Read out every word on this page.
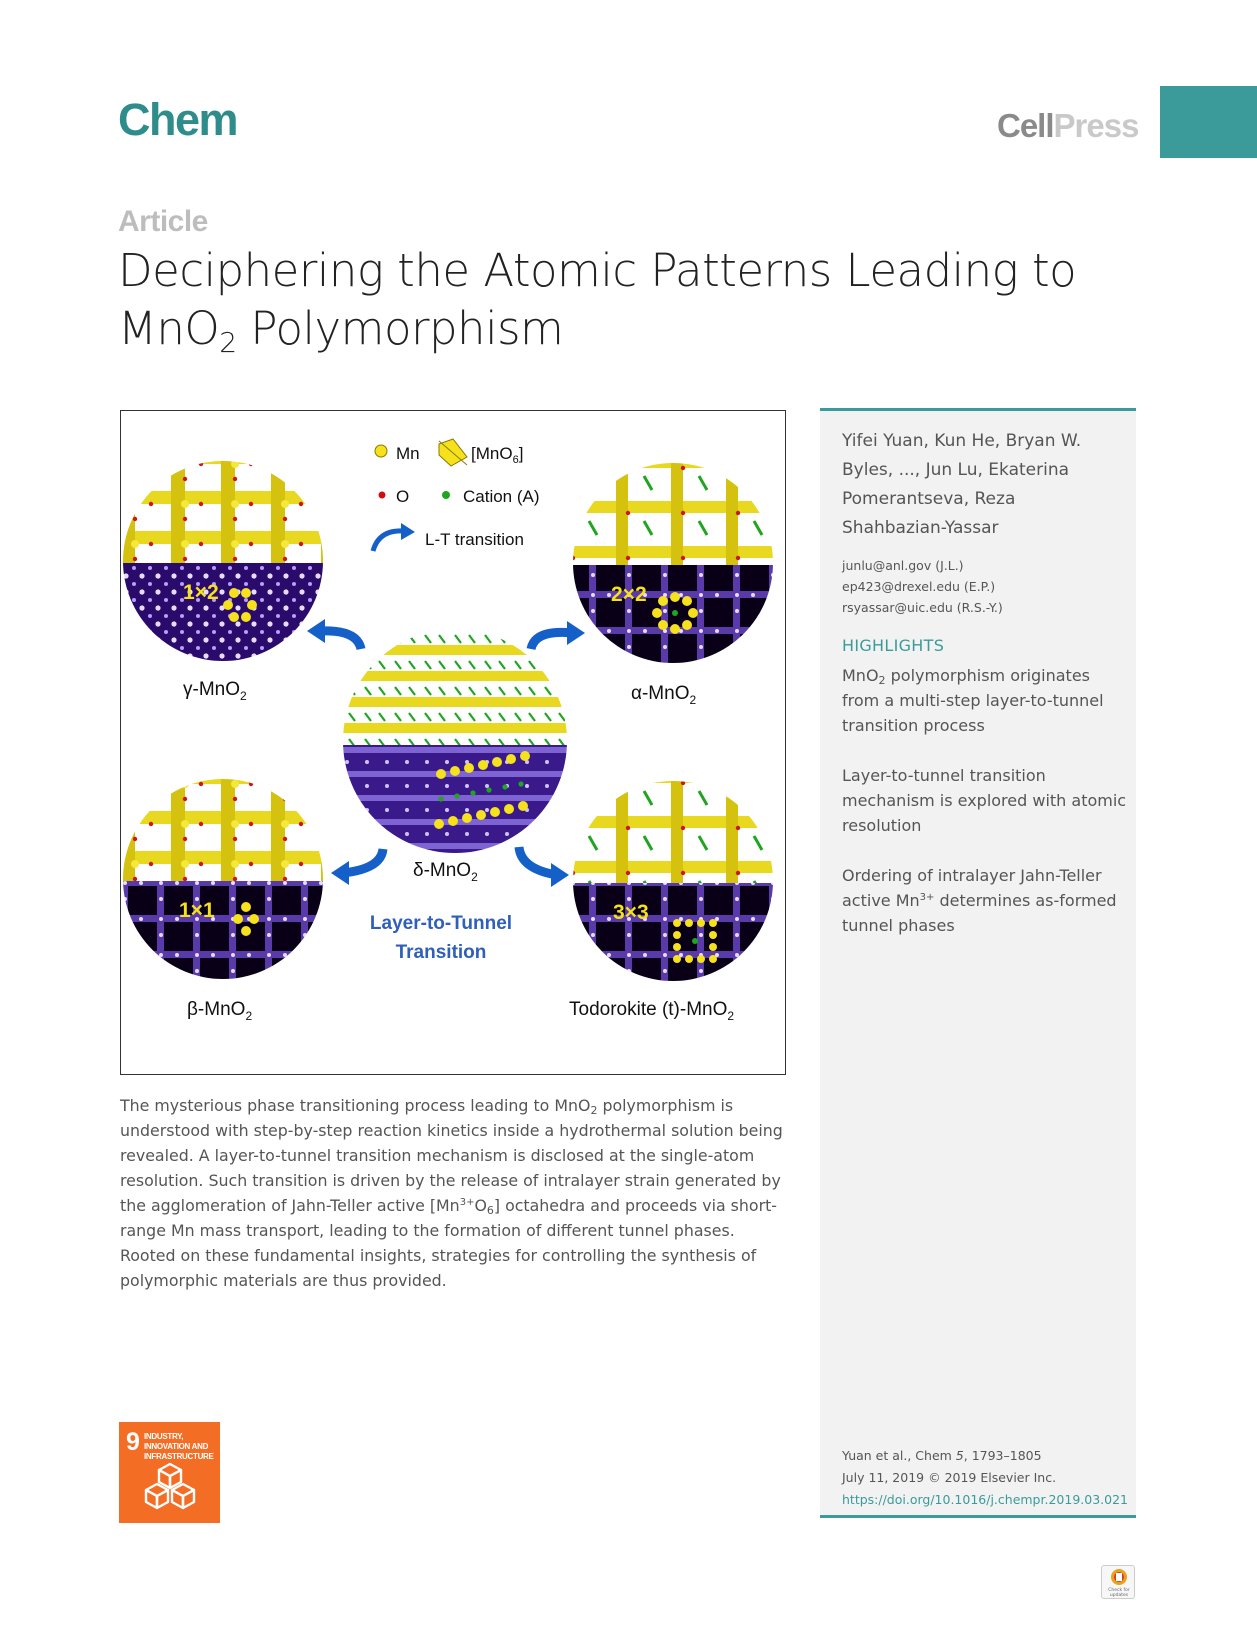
Chem	CellPress
Article
Deciphering the Atomic Patterns Leading to
MnO$_2$ Polymorphism
Mn	[MnO$_6$]
O	Cation (A)
L-T transition
1×2
γ-MnO$_2$
2×2
α-MnO$_2$
δ-MnO$_2$
1×1
β-MnO$_2$
3×3
Todorokite (t)-MnO$_2$
Layer-to-Tunnel
Transition
The mysterious phase transitioning process leading to MnO$_2$ polymorphism is understood with step-by-step reaction kinetics inside a hydrothermal solution being revealed. A layer-to-tunnel transition mechanism is disclosed at the single-atom resolution. Such transition is driven by the release of intralayer strain generated by the agglomeration of Jahn-Teller active $[Mn^{3+}O_6]$ octahedra and proceeds via short-range Mn mass transport, leading to the formation of different tunnel phases. Rooted on these fundamental insights, strategies for controlling the synthesis of polymorphic materials are thus provided.
Yifei Yuan, Kun He, Bryan W. Byles, ..., Jun Lu, Ekaterina Pomerantseva, Reza Shahbazian-Yassar
junlu@anl.gov (J.L.)
ep423@drexel.edu (E.P.)
rsyassar@uic.edu (R.S.-Y.)
HIGHLIGHTS
MnO$_2$ polymorphism originates from a multi-step layer-to-tunnel transition process
Layer-to-tunnel transition mechanism is explored with atomic resolution
Ordering of intralayer Jahn-Teller active $Mn^{3+}$ determines as-formed tunnel phases
Yuan et al., Chem 5, 1793–1805
July 11, 2019 © 2019 Elsevier Inc.
https://doi.org/10.1016/j.chempr.2019.03.021
9 INDUSTRY, INNOVATION AND INFRASTRUCTURE
Check for updates
